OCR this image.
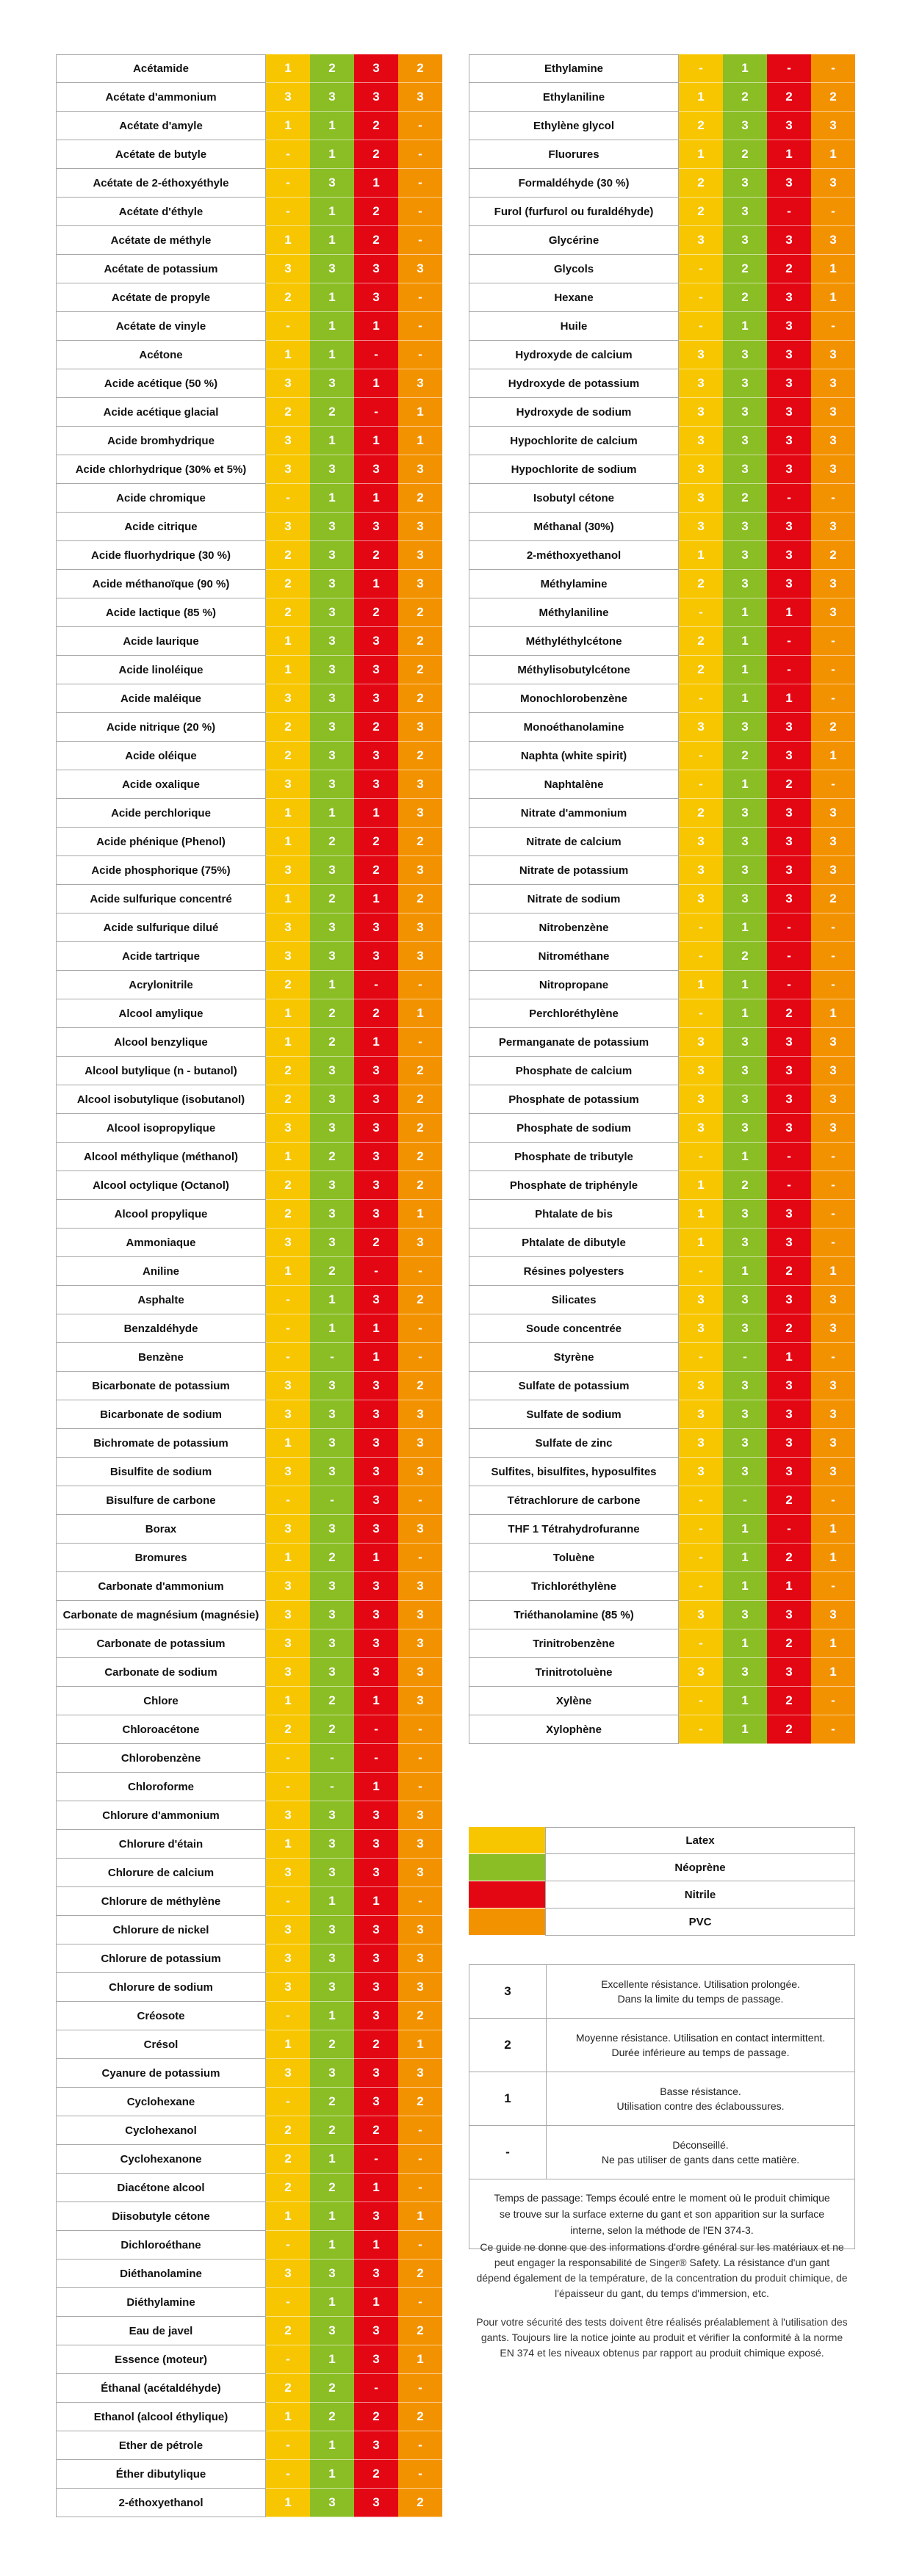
Acétamide	1	2	3	2
Acétate d'ammonium	3	3	3	3
Acétate d'amyle	1	1	2	-
Acétate de butyle	-	1	2	-
Acétate de 2-éthoxyéthyle	-	3	1	-
Acétate d'éthyle	-	1	2	-
Acétate de méthyle	1	1	2	-
Acétate de potassium	3	3	3	3
Acétate de propyle	2	1	3	-
Acétate de vinyle	-	1	1	-
Acétone	1	1	-	-
Acide acétique (50 %)	3	3	1	3
Acide acétique glacial	2	2	-	1
Acide bromhydrique	3	1	1	1
Acide chlorhydrique (30% et 5%)	3	3	3	3
Acide chromique	-	1	1	2
Acide citrique	3	3	3	3
Acide fluorhydrique (30 %)	2	3	2	3
Acide méthanoïque (90 %)	2	3	1	3
Acide lactique (85 %)	2	3	2	2
Acide laurique	1	3	3	2
Acide linoléique	1	3	3	2
Acide maléique	3	3	3	2
Acide nitrique (20 %)	2	3	2	3
Acide oléique	2	3	3	2
Acide oxalique	3	3	3	3
Acide perchlorique	1	1	1	3
Acide phénique (Phenol)	1	2	2	2
Acide phosphorique (75%)	3	3	2	3
Acide sulfurique concentré	1	2	1	2
Acide sulfurique dilué	3	3	3	3
Acide tartrique	3	3	3	3
Acrylonitrile	2	1	-	-
Alcool amylique	1	2	2	1
Alcool benzylique	1	2	1	-
Alcool butylique (n - butanol)	2	3	3	2
Alcool isobutylique (isobutanol)	2	3	3	2
Alcool isopropylique	3	3	3	2
Alcool méthylique (méthanol)	1	2	3	2
Alcool octylique (Octanol)	2	3	3	2
Alcool propylique	2	3	3	1
Ammoniaque	3	3	2	3
Aniline	1	2	-	-
Asphalte	-	1	3	2
Benzaldéhyde	-	1	1	-
Benzène	-	-	1	-
Bicarbonate de potassium	3	3	3	2
Bicarbonate de sodium	3	3	3	3
Bichromate de potassium	1	3	3	3
Bisulfite de sodium	3	3	3	3
Bisulfure de carbone	-	-	3	-
Borax	3	3	3	3
Bromures	1	2	1	-
Carbonate d'ammonium	3	3	3	3
Carbonate de magnésium (magnésie)	3	3	3	3
Carbonate de potassium	3	3	3	3
Carbonate de sodium	3	3	3	3
Chlore	1	2	1	3
Chloroacétone	2	2	-	-
Chlorobenzène	-	-	-	-
Chloroforme	-	-	1	-
Chlorure d'ammonium	3	3	3	3
Chlorure d'étain	1	3	3	3
Chlorure de calcium	3	3	3	3
Chlorure de méthylène	-	1	1	-
Chlorure de nickel	3	3	3	3
Chlorure de potassium	3	3	3	3
Chlorure de sodium	3	3	3	3
Créosote	-	1	3	2
Crésol	1	2	2	1
Cyanure de potassium	3	3	3	3
Cyclohexane	-	2	3	2
Cyclohexanol	2	2	2	-
Cyclohexanone	2	1	-	-
Diacétone alcool	2	2	1	-
Diisobutyle cétone	1	1	3	1
Dichloroéthane	-	1	1	-
Diéthanolamine	3	3	3	2
Diéthylamine	-	1	1	-
Eau de javel	2	3	3	2
Essence (moteur)	-	1	3	1
Éthanal (acétaldéhyde)	2	2	-	-
Ethanol (alcool éthylique)	1	2	2	2
Ether de pétrole	-	1	3	-
Éther dibutylique	-	1	2	-
2-éthoxyethanol	1	3	3	2
Ethylamine	-	1	-	-
Ethylaniline	1	2	2	2
Ethylène glycol	2	3	3	3
Fluorures	1	2	1	1
Formaldéhyde (30 %)	2	3	3	3
Furol (furfurol ou furaldéhyde)	2	3	-	-
Glycérine	3	3	3	3
Glycols	-	2	2	1
Hexane	-	2	3	1
Huile	-	1	3	-
Hydroxyde de calcium	3	3	3	3
Hydroxyde de potassium	3	3	3	3
Hydroxyde de sodium	3	3	3	3
Hypochlorite de calcium	3	3	3	3
Hypochlorite de sodium	3	3	3	3
Isobutyl cétone	3	2	-	-
Méthanal (30%)	3	3	3	3
2-méthoxyethanol	1	3	3	2
Méthylamine	2	3	3	3
Méthylaniline	-	1	1	3
Méthyléthylcétone	2	1	-	-
Méthylisobutylcétone	2	1	-	-
Monochlorobenzène	-	1	1	-
Monoéthanolamine	3	3	3	2
Naphta (white spirit)	-	2	3	1
Naphtalène	-	1	2	-
Nitrate d'ammonium	2	3	3	3
Nitrate de calcium	3	3	3	3
Nitrate de potassium	3	3	3	3
Nitrate de sodium	3	3	3	2
Nitrobenzène	-	1	-	-
Nitrométhane	-	2	-	-
Nitropropane	1	1	-	-
Perchloréthylène	-	1	2	1
Permanganate de potassium	3	3	3	3
Phosphate de calcium	3	3	3	3
Phosphate de potassium	3	3	3	3
Phosphate de sodium	3	3	3	3
Phosphate de tributyle	-	1	-	-
Phosphate de triphényle	1	2	-	-
Phtalate de bis	1	3	3	-
Phtalate de dibutyle	1	3	3	-
Résines polyesters	-	1	2	1
Silicates	3	3	3	3
Soude concentrée	3	3	2	3
Styrène	-	-	1	-
Sulfate de potassium	3	3	3	3
Sulfate de sodium	3	3	3	3
Sulfate de zinc	3	3	3	3
Sulfites, bisulfites, hyposulfites	3	3	3	3
Tétrachlorure de carbone	-	-	2	-
THF 1 Tétrahydrofuranne	-	1	-	1
Toluène	-	1	2	1
Trichloréthylène	-	1	1	-
Triéthanolamine (85 %)	3	3	3	3
Trinitrobenzène	-	1	2	1
Trinitrotoluène	3	3	3	1
Xylène	-	1	2	-
Xylophène	-	1	2	-
Latex
Néoprène
Nitrile
PVC
3	Excellente résistance. Utilisation prolongée.
Dans la limite du temps de passage.
2	Moyenne résistance. Utilisation en contact intermittent.
Durée inférieure au temps de passage.
1	Basse résistance.
Utilisation contre des éclaboussures.
-	Déconseillé.
Ne pas utiliser de gants dans cette matière.
Temps de passage: Temps écoulé entre le moment où le produit chimique se trouve sur la surface externe du gant et son apparition sur la surface interne, selon la méthode de l'EN 374-3.

Ce guide ne donne que des informations d'ordre général sur les matériaux et ne peut engager la responsabilité de Singer® Safety. La résistance d'un gant dépend également de la température, de la concentration du produit chimique, de l'épaisseur du gant, du temps d'immersion, etc.

Pour votre sécurité des tests doivent être réalisés préalablement à l'utilisation des gants. Toujours lire la notice jointe au produit et vérifier la conformité à la norme EN 374 et les niveaux obtenus par rapport au produit chimique exposé.
